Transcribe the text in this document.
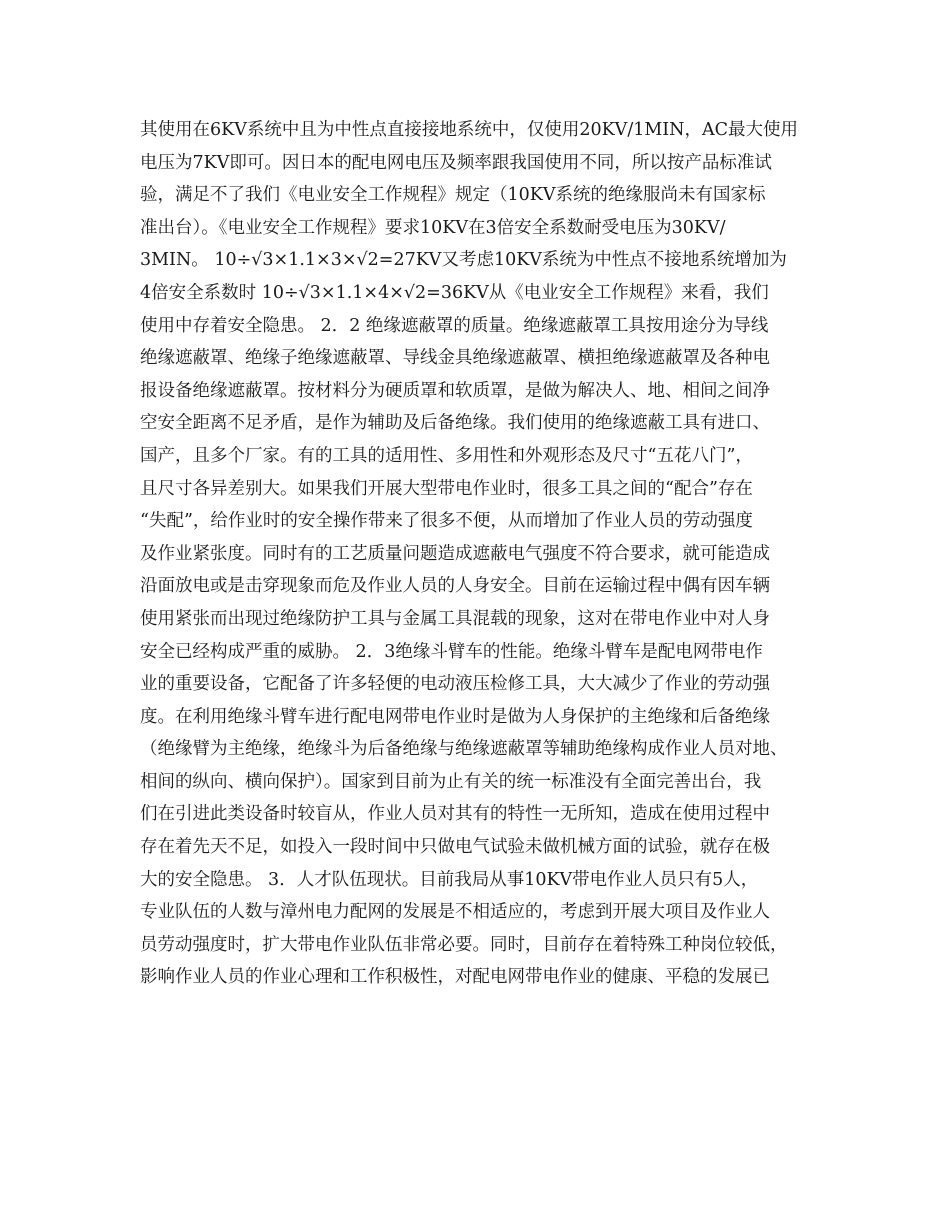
其使用在6KV系统中且为中性点直接接地系统中，仅使用20KV/1MIN，AC最大使用
电压为7KV即可。因日本的配电网电压及频率跟我国使用不同，所以按产品标准试
验，满足不了我们《电业安全工作规程》规定（10KV系统的绝缘服尚未有国家标
准出台）。《电业安全工作规程》要求10KV在3倍安全系数耐受电压为30KV/
3MIN。 10÷√3×1.1×3×√2=27KV又考虑10KV系统为中性点不接地系统增加为
4倍安全系数时 10÷√3×1.1×4×√2=36KV从《电业安全工作规程》来看，我们
使用中存着安全隐患。 2．2 绝缘遮蔽罩的质量。绝缘遮蔽罩工具按用途分为导线
绝缘遮蔽罩、绝缘子绝缘遮蔽罩、导线金具绝缘遮蔽罩、横担绝缘遮蔽罩及各种电
报设备绝缘遮蔽罩。按材料分为硬质罩和软质罩，是做为解决人、地、相间之间净
空安全距离不足矛盾，是作为辅助及后备绝缘。我们使用的绝缘遮蔽工具有进口、
国产，且多个厂家。有的工具的适用性、多用性和外观形态及尺寸“五花八门”，
且尺寸各异差别大。如果我们开展大型带电作业时，很多工具之间的“配合”存在
“失配”，给作业时的安全操作带来了很多不便，从而增加了作业人员的劳动强度
及作业紧张度。同时有的工艺质量问题造成遮蔽电气强度不符合要求，就可能造成
沿面放电或是击穿现象而危及作业人员的人身安全。目前在运输过程中偶有因车辆
使用紧张而出现过绝缘防护工具与金属工具混载的现象，这对在带电作业中对人身
安全已经构成严重的威胁。 2．3绝缘斗臂车的性能。绝缘斗臂车是配电网带电作
业的重要设备，它配备了许多轻便的电动液压检修工具，大大减少了作业的劳动强
度。在利用绝缘斗臂车进行配电网带电作业时是做为人身保护的主绝缘和后备绝缘
（绝缘臂为主绝缘，绝缘斗为后备绝缘与绝缘遮蔽罩等辅助绝缘构成作业人员对地、
相间的纵向、横向保护）。国家到目前为止有关的统一标准没有全面完善出台，我
们在引进此类设备时较盲从，作业人员对其有的特性一无所知，造成在使用过程中
存在着先天不足，如投入一段时间中只做电气试验未做机械方面的试验，就存在极
大的安全隐患。 3．人才队伍现状。目前我局从事10KV带电作业人员只有5人，
专业队伍的人数与漳州电力配网的发展是不相适应的，考虑到开展大项目及作业人
员劳动强度时，扩大带电作业队伍非常必要。同时，目前存在着特殊工种岗位较低，
影响作业人员的作业心理和工作积极性，对配电网带电作业的健康、平稳的发展已
